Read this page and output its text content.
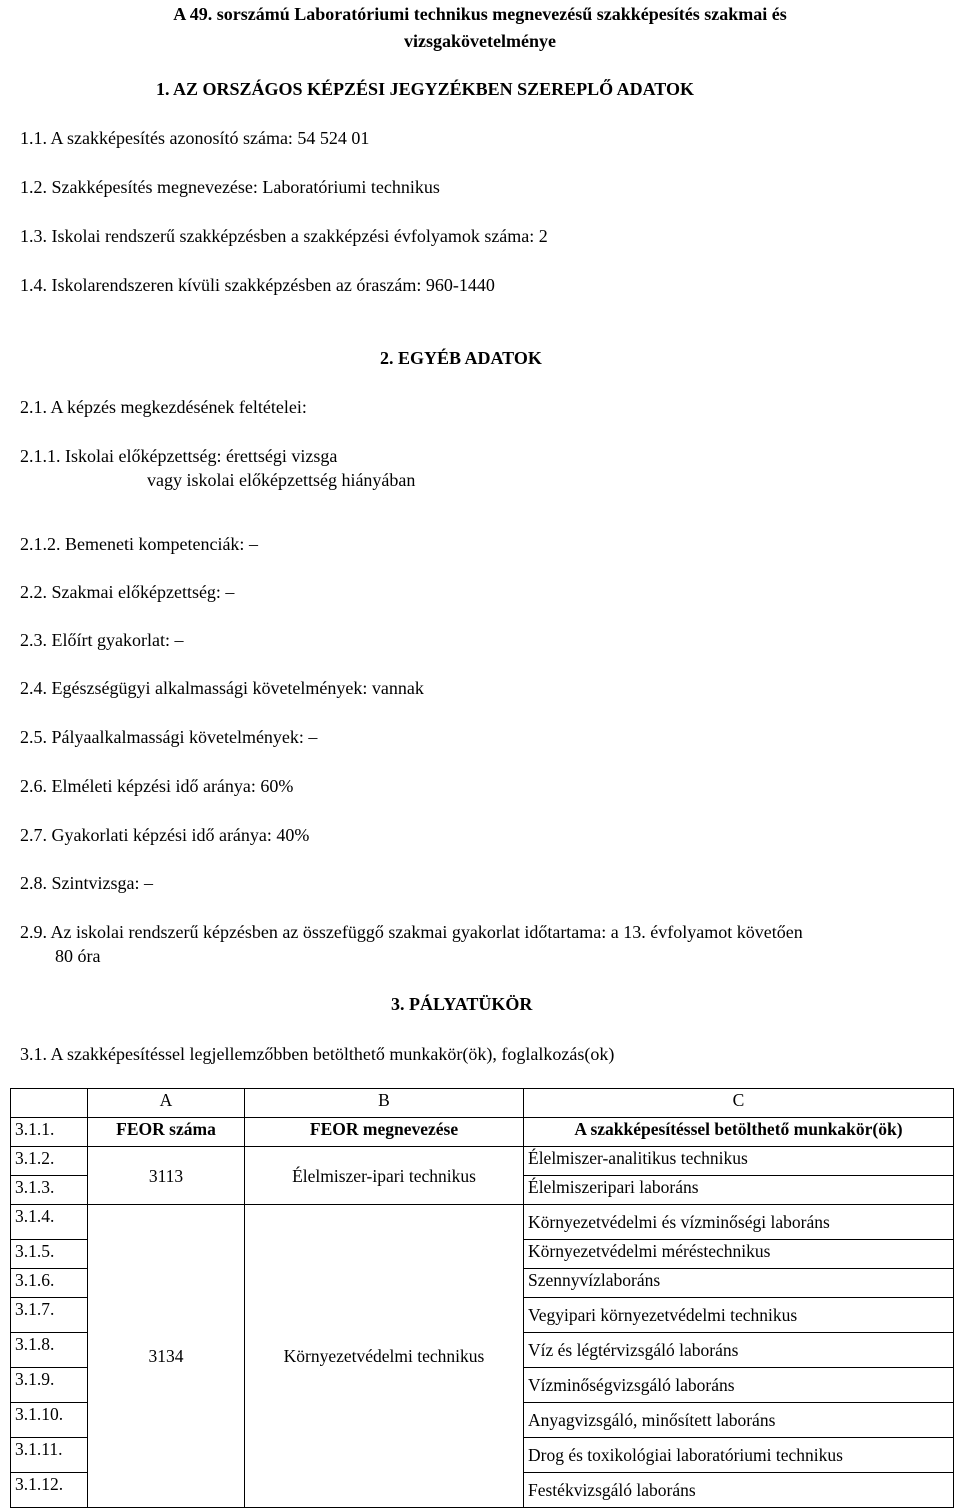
A 49. sorszámú Laboratóriumi technikus megnevezésű szakképesítés szakmai és
vizsgakövetelménye
1. AZ ORSZÁGOS KÉPZÉSI JEGYZÉKBEN SZEREPLŐ ADATOK
1.1. A szakképesítés azonosító száma: 54 524 01
1.2. Szakképesítés megnevezése: Laboratóriumi technikus
1.3. Iskolai rendszerű szakképzésben a szakképzési évfolyamok száma: 2
1.4. Iskolarendszeren kívüli szakképzésben az óraszám: 960-1440
2. EGYÉB ADATOK
2.1. A képzés megkezdésének feltételei:
2.1.1. Iskolai előképzettség: érettségi vizsga
vagy iskolai előképzettség hiányában
2.1.2. Bemeneti kompetenciák: –
2.2. Szakmai előképzettség: –
2.3. Előírt gyakorlat: –
2.4. Egészségügyi alkalmassági követelmények: vannak
2.5. Pályaalkalmassági követelmények: –
2.6. Elméleti képzési idő aránya: 60%
2.7. Gyakorlati képzési idő aránya: 40%
2.8. Szintvizsga: –
2.9. Az iskolai rendszerű képzésben az összefüggő szakmai gyakorlat időtartama: a 13. évfolyamot követően
80 óra
3. PÁLYATÜKÖR
3.1. A szakképesítéssel legjellemzőbben betölthető munkakör(ök), foglalkozás(ok)
	A	B	C
3.1.1.	FEOR száma	FEOR megnevezése	A szakképesítéssel betölthető munkakör(ök)
3.1.2.	3113	Élelmiszer-ipari technikus	Élelmiszer-analitikus technikus
3.1.3.			Élelmiszeripari laboráns
3.1.4.	3134	Környezetvédelmi technikus	Környezetvédelmi és vízminőségi laboráns
3.1.5.			Környezetvédelmi méréstechnikus
3.1.6.			Szennyvízlaboráns
3.1.7.			Vegyipari környezetvédelmi technikus
3.1.8.			Víz és légtérvizsgáló laboráns
3.1.9.			Vízminőségvizsgáló laboráns
3.1.10.			Anyagvizsgáló, minősített laboráns
3.1.11.			Drog és toxikológiai laboratóriumi technikus
3.1.12.			Festékvizsgáló laboráns
